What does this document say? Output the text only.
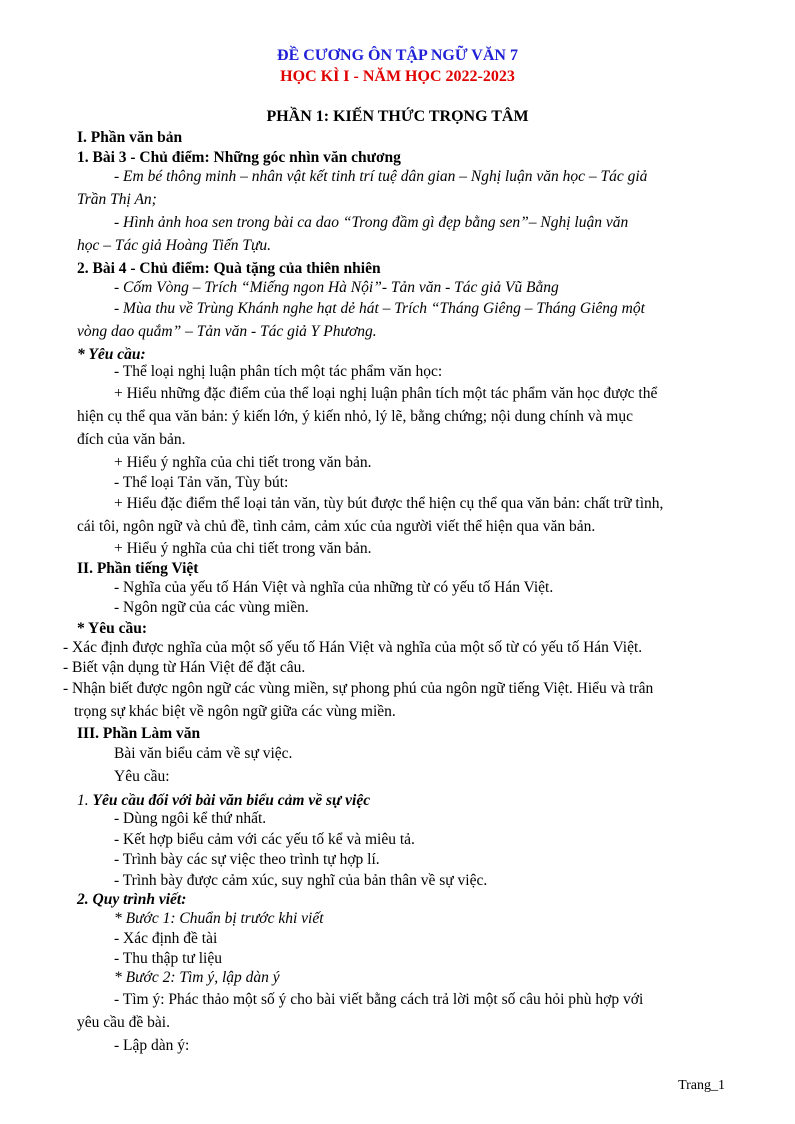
ĐỀ CƯƠNG ÔN TẬP NGỮ VĂN 7
HỌC KÌ I - NĂM HỌC 2022-2023
PHẦN 1: KIẾN THỨC TRỌNG TÂM
I. Phần văn bản
1. Bài 3 - Chủ điểm: Những góc nhìn văn chương
- Em bé thông minh – nhân vật kết tinh trí tuệ dân gian – Nghị luận văn học – Tác giả
Trần Thị An;
- Hình ảnh hoa sen trong bài ca dao “Trong đầm gì đẹp bằng sen”– Nghị luận văn
học – Tác giả Hoàng Tiến Tựu.
2. Bài 4 - Chủ điểm: Quà tặng của thiên nhiên
- Cốm Vòng – Trích “Miếng ngon Hà Nội”- Tản văn - Tác giả Vũ Bằng
- Mùa thu về Trùng Khánh nghe hạt dẻ hát – Trích “Tháng Giêng – Tháng Giêng một
vòng dao quắm” – Tản văn - Tác giả Y Phương.
* Yêu cầu:
- Thể loại nghị luận phân tích một tác phẩm văn học:
+ Hiểu những đặc điểm của thể loại nghị luận phân tích một tác phẩm văn học được thể
hiện cụ thể qua văn bản: ý kiến lớn, ý kiến nhỏ, lý lẽ, bằng chứng; nội dung chính và mục
đích của văn bản.
+ Hiểu ý nghĩa của chi tiết trong văn bản.
- Thể loại Tản văn, Tùy bút:
+ Hiểu đặc điểm thể loại tản văn, tùy bút được thể hiện cụ thể qua văn bản: chất trữ tình,
cái tôi, ngôn ngữ và chủ đề, tình cảm, cảm xúc của người viết thể hiện qua văn bản.
+ Hiểu ý nghĩa của chi tiết trong văn bản.
II. Phần tiếng Việt
- Nghĩa của yếu tố Hán Việt và nghĩa của những từ có yếu tố Hán Việt.
- Ngôn ngữ của các vùng miền.
* Yêu cầu:
- Xác định được nghĩa của một số yếu tố Hán Việt và nghĩa của một số từ có yếu tố Hán Việt.
- Biết vận dụng từ Hán Việt để đặt câu.
- Nhận biết được ngôn ngữ các vùng miền, sự phong phú của ngôn ngữ tiếng Việt. Hiểu và trân
trọng sự khác biệt về ngôn ngữ giữa các vùng miền.
III. Phần Làm văn
Bài văn biểu cảm về sự việc.
Yêu cầu:
1. Yêu cầu đối với bài văn biểu cảm về sự việc
- Dùng ngôi kể thứ nhất.
- Kết hợp biểu cảm với các yếu tố kể và miêu tả.
- Trình bày các sự việc theo trình tự hợp lí.
- Trình bày được cảm xúc, suy nghĩ của bản thân về sự việc.
2. Quy trình viết:
* Bước 1: Chuẩn bị trước khi viết
- Xác định đề tài
- Thu thập tư liệu
* Bước 2: Tìm ý, lập dàn ý
- Tìm ý: Phác thảo một số ý cho bài viết bằng cách trả lời một số câu hỏi phù hợp với
yêu cầu đề bài.
- Lập dàn ý:
Trang_1
